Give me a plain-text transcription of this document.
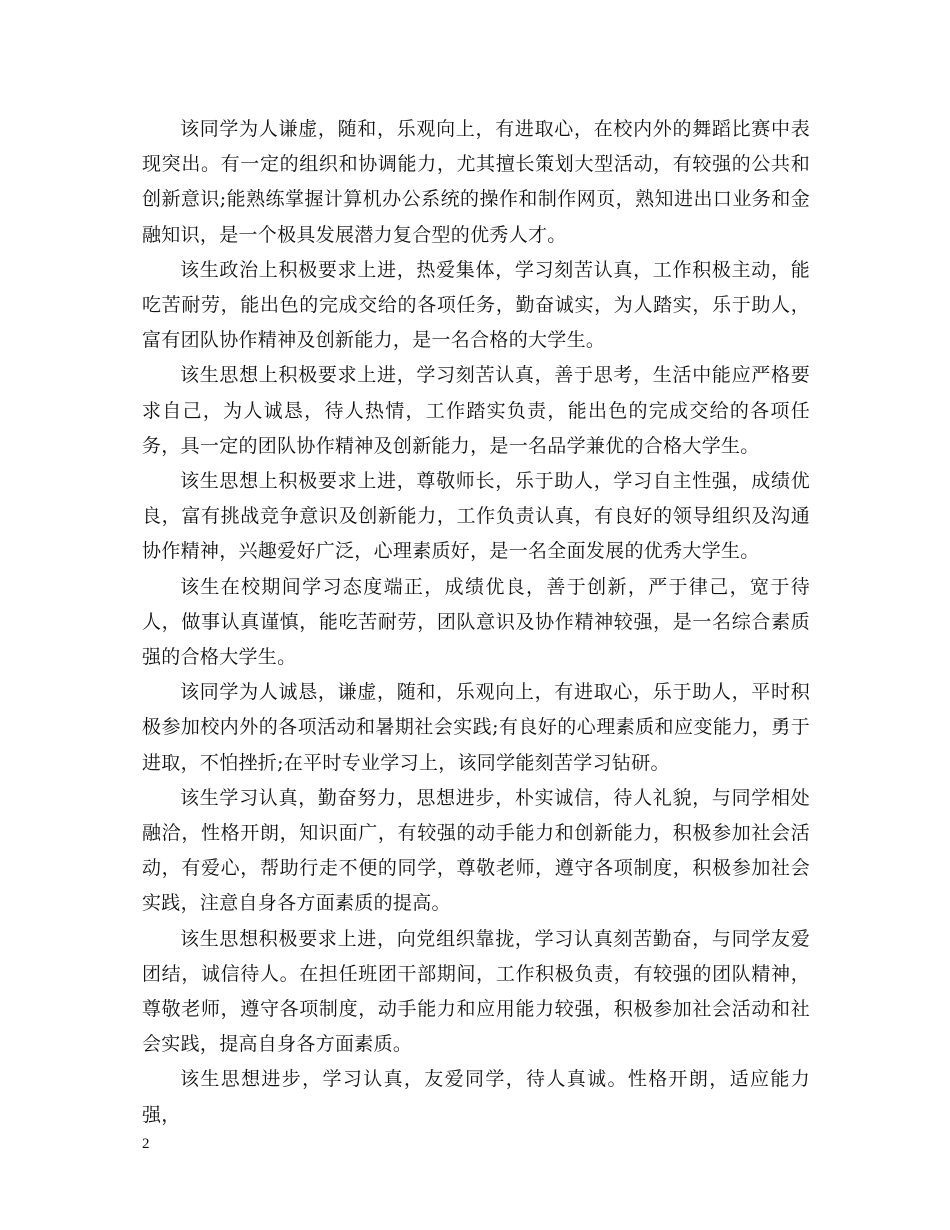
该同学为人谦虚，随和，乐观向上，有进取心，在校内外的舞蹈比赛中表现突出。有一定的组织和协调能力，尤其擅长策划大型活动，有较强的公共和创新意识;能熟练掌握计算机办公系统的操作和制作网页，熟知进出口业务和金融知识，是一个极具发展潜力复合型的优秀人才。

该生政治上积极要求上进，热爱集体，学习刻苦认真，工作积极主动，能吃苦耐劳，能出色的完成交给的各项任务，勤奋诚实，为人踏实，乐于助人，富有团队协作精神及创新能力，是一名合格的大学生。

该生思想上积极要求上进，学习刻苦认真，善于思考，生活中能应严格要求自己，为人诚恳，待人热情，工作踏实负责，能出色的完成交给的各项任务，具一定的团队协作精神及创新能力，是一名品学兼优的合格大学生。

该生思想上积极要求上进，尊敬师长，乐于助人，学习自主性强，成绩优良，富有挑战竞争意识及创新能力，工作负责认真，有良好的领导组织及沟通协作精神，兴趣爱好广泛，心理素质好，是一名全面发展的优秀大学生。

该生在校期间学习态度端正，成绩优良，善于创新，严于律己，宽于待人，做事认真谨慎，能吃苦耐劳，团队意识及协作精神较强，是一名综合素质强的合格大学生。

该同学为人诚恳，谦虚，随和，乐观向上，有进取心，乐于助人，平时积极参加校内外的各项活动和暑期社会实践;有良好的心理素质和应变能力，勇于进取，不怕挫折;在平时专业学习上，该同学能刻苦学习钻研。

该生学习认真，勤奋努力，思想进步，朴实诚信，待人礼貌，与同学相处融洽，性格开朗，知识面广，有较强的动手能力和创新能力，积极参加社会活动，有爱心，帮助行走不便的同学，尊敬老师，遵守各项制度，积极参加社会实践，注意自身各方面素质的提高。

该生思想积极要求上进，向党组织靠拢，学习认真刻苦勤奋，与同学友爱团结，诚信待人。在担任班团干部期间，工作积极负责，有较强的团队精神，尊敬老师，遵守各项制度，动手能力和应用能力较强，积极参加社会活动和社会实践，提高自身各方面素质。

该生思想进步，学习认真，友爱同学，待人真诚。性格开朗，适应能力强，

2
